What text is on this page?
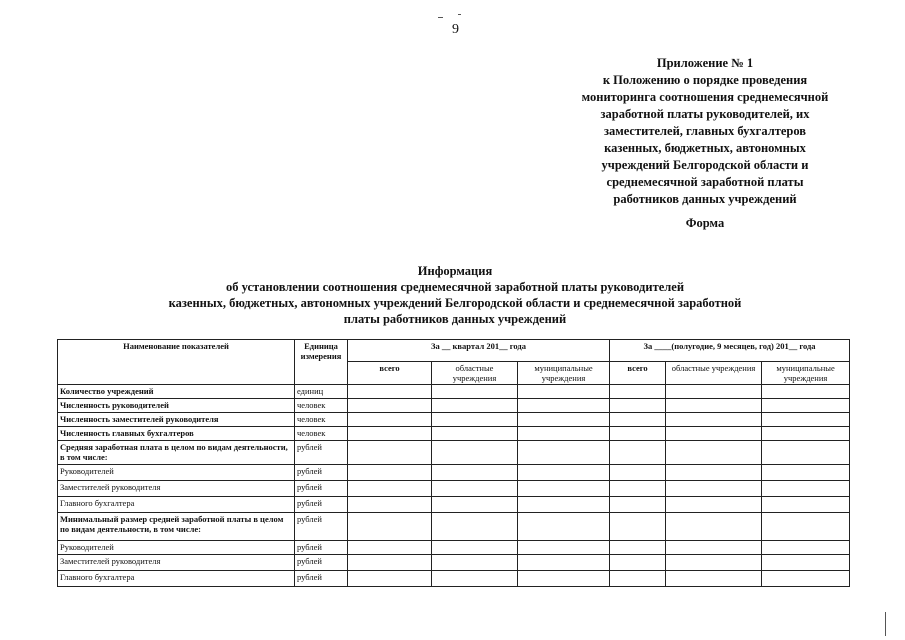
9
Приложение № 1
к Положению о порядке проведения
мониторинга соотношения среднемесячной
заработной платы руководителей, их
заместителей, главных бухгалтеров
казенных, бюджетных, автономных
учреждений Белгородской области и
среднемесячной заработной платы
работников данных учреждений
Форма
Информация
об установлении соотношения среднемесячной заработной платы руководителей
казенных, бюджетных, автономных учреждений Белгородской области и среднемесячной заработной
платы работников данных учреждений
Наименование показателей	Единица измерения	За __ квартал 201__ года			За ____(полугодие, 9 месяцев, год) 201__ года		
		всего	областные учреждения	муниципальные учреждения	всего	областные учреждения	муниципальные учреждения
Количество учреждений	единиц						
Численность руководителей	человек						
Численность заместителей руководителя	человек						
Численность главных бухгалтеров	человек						
Средняя заработная плата в целом по видам деятельности, в том числе:	рублей						
Руководителей	рублей						
Заместителей руководителя	рублей						
Главного бухгалтера	рублей						
Минимальный размер средней заработной платы в целом по видам деятельности, в том числе:	рублей						
Руководителей	рублей						
Заместителей руководителя	рублей						
Главного бухгалтера	рублей						
